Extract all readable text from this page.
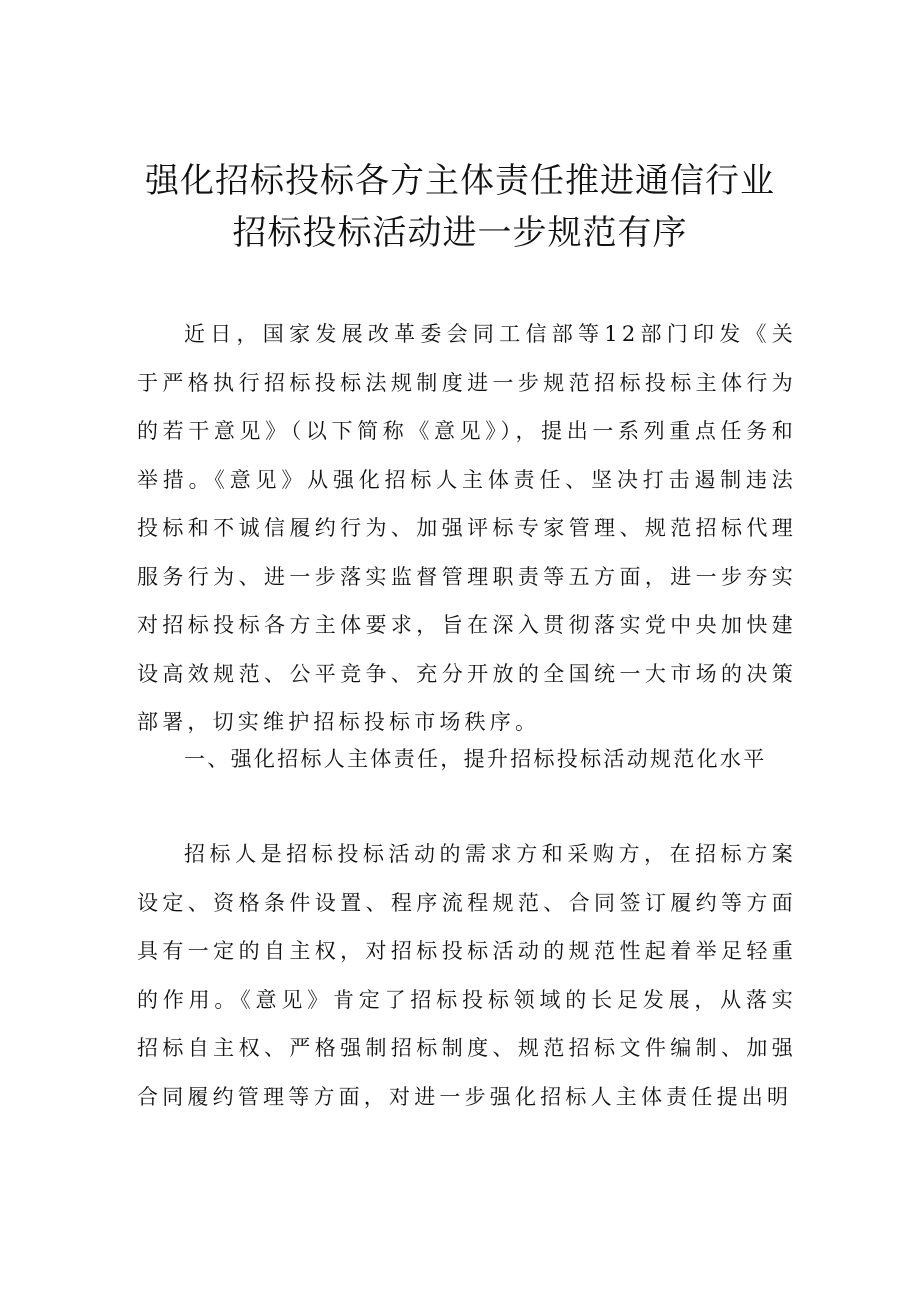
强化招标投标各方主体责任推进通信行业
招标投标活动进一步规范有序

近日，国家发展改革委会同工信部等12部门印发《关于严格执行招标投标法规制度进一步规范招标投标主体行为的若干意见》（以下简称《意见》），提出一系列重点任务和举措。《意见》从强化招标人主体责任、坚决打击遏制违法投标和不诚信履约行为、加强评标专家管理、规范招标代理服务行为、进一步落实监督管理职责等五方面，进一步夯实对招标投标各方主体要求，旨在深入贯彻落实党中央加快建设高效规范、公平竞争、充分开放的全国统一大市场的决策部署，切实维护招标投标市场秩序。

一、强化招标人主体责任，提升招标投标活动规范化水平

招标人是招标投标活动的需求方和采购方，在招标方案设定、资格条件设置、程序流程规范、合同签订履约等方面具有一定的自主权，对招标投标活动的规范性起着举足轻重的作用。《意见》肯定了招标投标领域的长足发展，从落实招标自主权、严格强制招标制度、规范招标文件编制、加强合同履约管理等方面，对进一步强化招标人主体责任提出明
